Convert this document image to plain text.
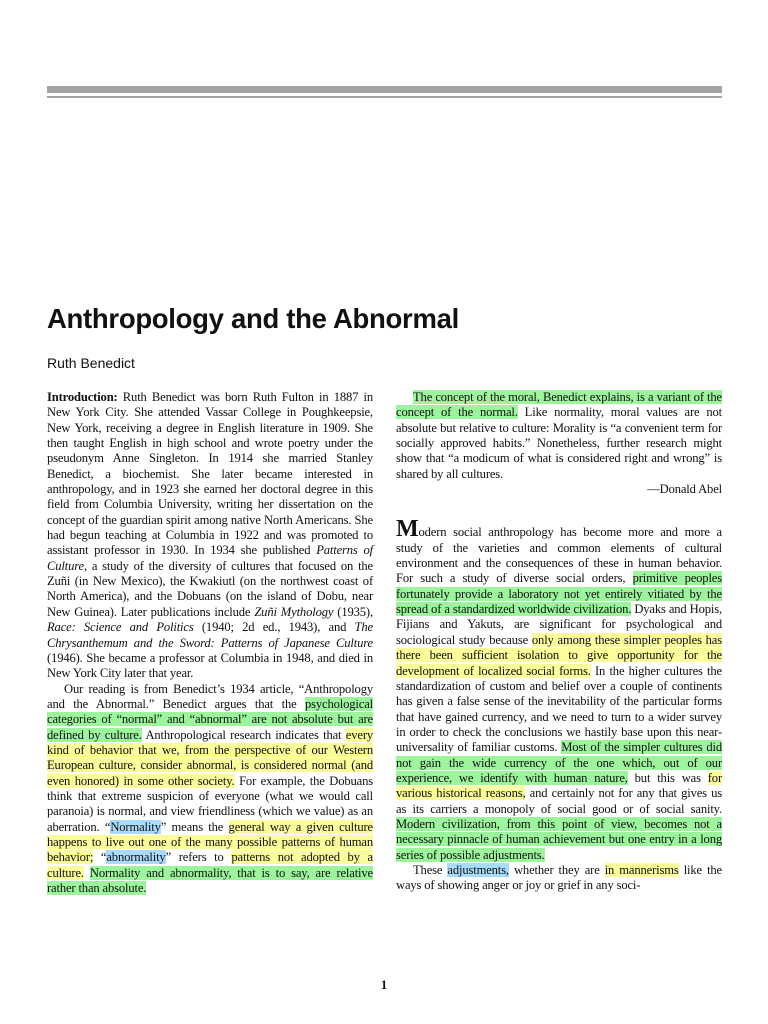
Anthropology and the Abnormal
Ruth Benedict

Introduction: Ruth Benedict was born Ruth Fulton in 1887 in New York City. She attended Vassar College in Poughkeepsie, New York, receiving a degree in English literature in 1909. She then taught English in high school and wrote poetry under the pseudonym Anne Singleton. In 1914 she married Stanley Benedict, a biochemist. She later became interested in anthropology, and in 1923 she earned her doctoral degree in this field from Columbia University, writing her dissertation on the concept of the guardian spirit among native North Americans. She had begun teaching at Columbia in 1922 and was promoted to assistant professor in 1930. In 1934 she published Patterns of Culture, a study of the diversity of cultures that focused on the Zuñi (in New Mexico), the Kwakiutl (on the northwest coast of North America), and the Dobuans (on the island of Dobu, near New Guinea). Later publications include Zuñi Mythology (1935), Race: Science and Politics (1940; 2d ed., 1943), and The Chrysanthemum and the Sword: Patterns of Japanese Culture (1946). She became a professor at Columbia in 1948, and died in New York City later that year.

Our reading is from Benedict’s 1934 article, “Anthropology and the Abnormal.” Benedict argues that the psychological categories of “normal” and “abnormal” are not absolute but are defined by culture. Anthropological research indicates that every kind of behavior that we, from the perspective of our Western European culture, consider abnormal, is considered normal (and even honored) in some other society. For example, the Dobuans think that extreme suspicion of everyone (what we would call paranoia) is normal, and view friendliness (which we value) as an aberration. “Normality” means the general way a given culture happens to live out one of the many possible patterns of human behavior; “abnormality” refers to patterns not adopted by a culture. Normality and abnormality, that is to say, are relative rather than absolute.

The concept of the moral, Benedict explains, is a variant of the concept of the normal. Like normality, moral values are not absolute but relative to culture: Morality is “a convenient term for socially approved habits.” Nonetheless, further research might show that “a modicum of what is considered right and wrong” is shared by all cultures.

—Donald Abel

Modern social anthropology has become more and more a study of the varieties and common elements of cultural environment and the consequences of these in human behavior. For such a study of diverse social orders, primitive peoples fortunately provide a laboratory not yet entirely vitiated by the spread of a standardized worldwide civilization. Dyaks and Hopis, Fijians and Yakuts, are significant for psychological and sociological study because only among these simpler peoples has there been sufficient isolation to give opportunity for the development of localized social forms. In the higher cultures the standardization of custom and belief over a couple of continents has given a false sense of the inevitability of the particular forms that have gained currency, and we need to turn to a wider survey in order to check the conclusions we hastily base upon this near-universality of familiar customs. Most of the simpler cultures did not gain the wide currency of the one which, out of our experience, we identify with human nature, but this was for various historical reasons, and certainly not for any that gives us as its carriers a monopoly of social good or of social sanity. Modern civilization, from this point of view, becomes not a necessary pinnacle of human achievement but one entry in a long series of possible adjustments.

These adjustments, whether they are in mannerisms like the ways of showing anger or joy or grief in any soci-

1
